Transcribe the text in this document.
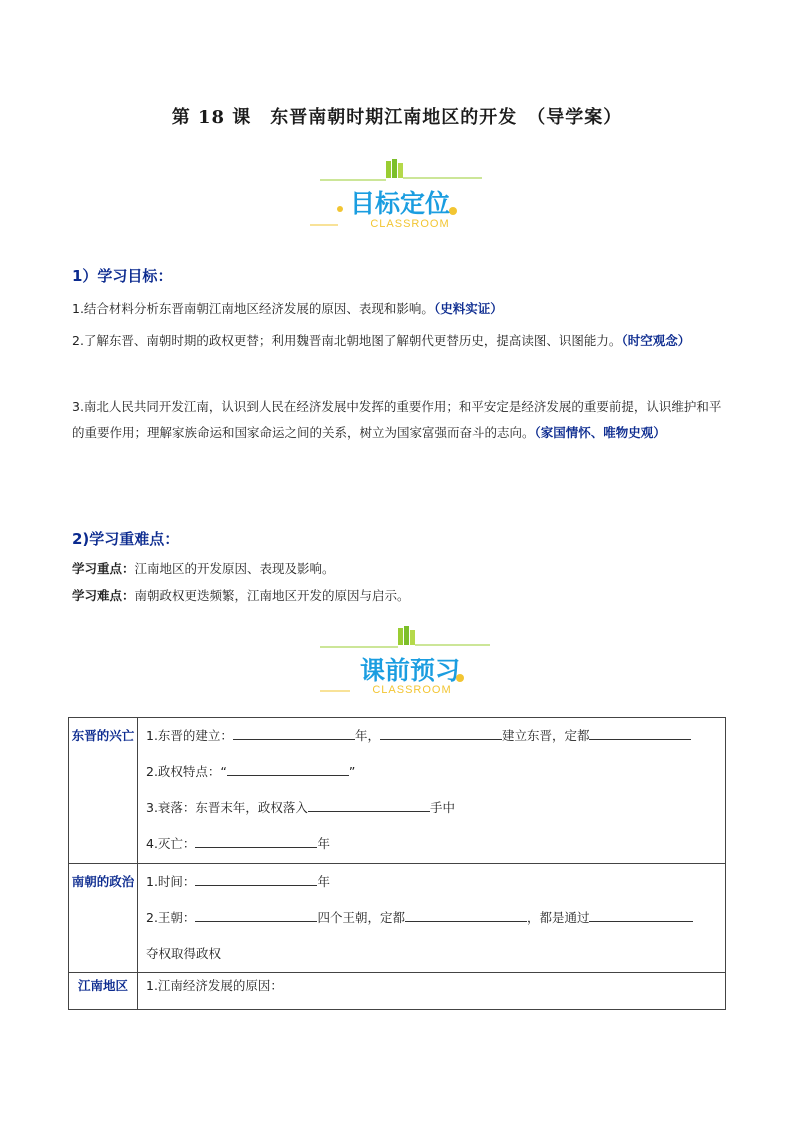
第 18 课　东晋南朝时期江南地区的开发　（导学案）
目标定位
CLASSROOM
1）学习目标：
1.结合材料分析东晋南朝江南地区经济发展的原因、表现和影响。（史料实证）
2.了解东晋、南朝时期的政权更替；利用魏晋南北朝地图了解朝代更替历史，提高读图、识图能力。（时空观念）
3.南北人民共同开发江南，认识到人民在经济发展中发挥的重要作用；和平安定是经济发展的重要前提，认识维护和平的重要作用；理解家族命运和国家命运之间的关系，树立为国家富强而奋斗的志向。（家国情怀、唯物史观）
2)学习重难点：
学习重点：江南地区的开发原因、表现及影响。
学习难点：南朝政权更迭频繁，江南地区开发的原因与启示。
课前预习
CLASSROOM
东晋的兴亡	1.东晋的建立： 年， 建立东晋，定都
2.政权特点：“ ”
3.衰落：东晋末年，政权落入 手中
4.灭亡： 年

南朝的政治	1.时间： 年
2.王朝： 四个王朝，定都 ，都是通过
夺权取得政权

江南地区	1.江南经济发展的原因：
